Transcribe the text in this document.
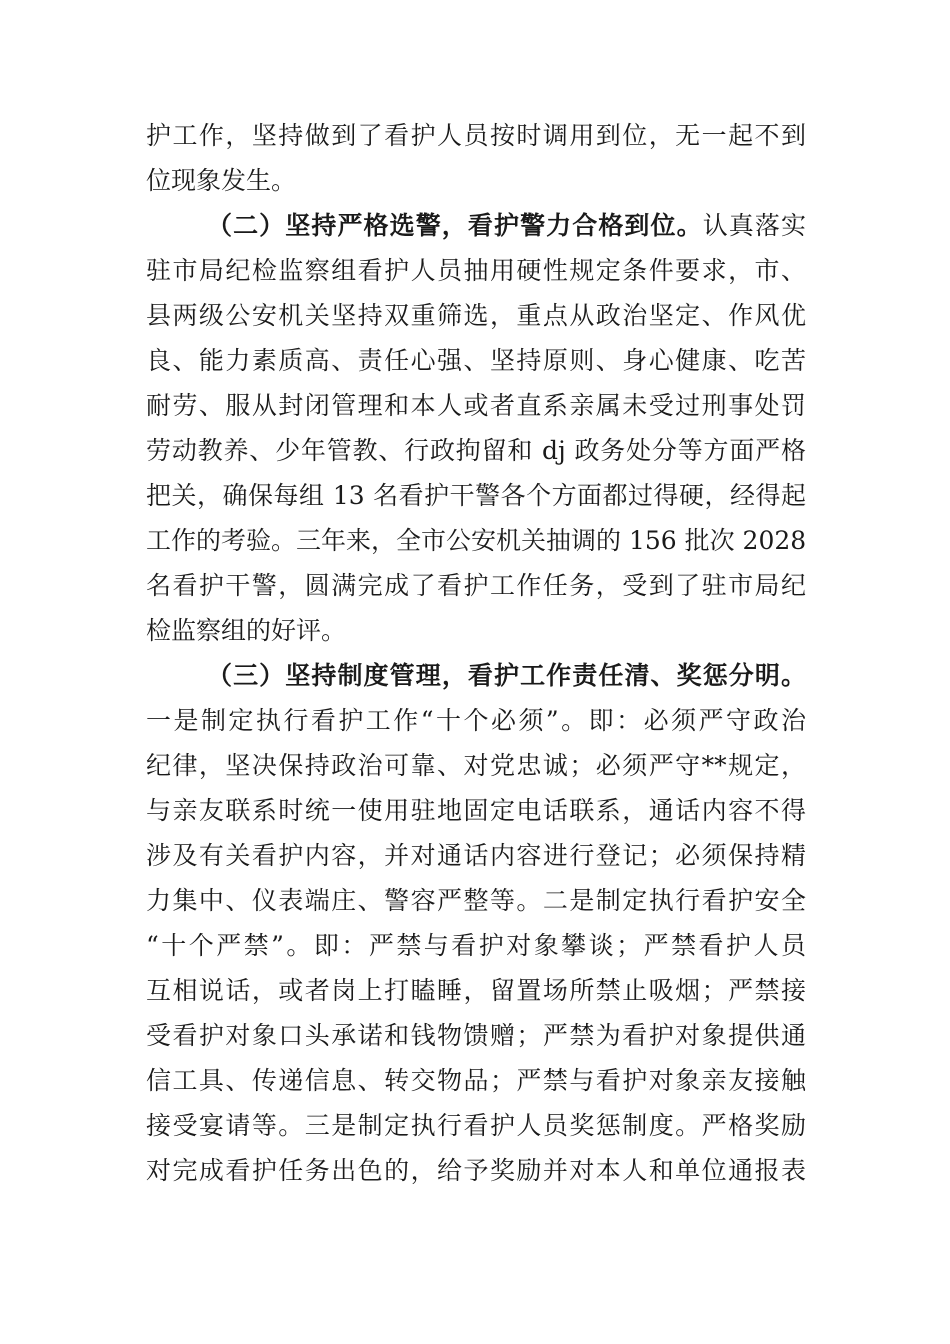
护工作，坚持做到了看护人员按时调用到位，无一起不到
位现象发生。
（二）坚持严格选警，看护警力合格到位。认真落实
驻市局纪检监察组看护人员抽用硬性规定条件要求，市、
县两级公安机关坚持双重筛选，重点从政治坚定、作风优
良、能力素质高、责任心强、坚持原则、身心健康、吃苦
耐劳、服从封闭管理和本人或者直系亲属未受过刑事处罚
劳动教养、少年管教、行政拘留和 dj 政务处分等方面严格
把关，确保每组 13 名看护干警各个方面都过得硬，经得起
工作的考验。三年来，全市公安机关抽调的 156 批次 2028
名看护干警，圆满完成了看护工作任务，受到了驻市局纪
检监察组的好评。
（三）坚持制度管理，看护工作责任清、奖惩分明。
一是制定执行看护工作“十个必须”。即：必须严守政治
纪律，坚决保持政治可靠、对党忠诚；必须严守**规定，
与亲友联系时统一使用驻地固定电话联系，通话内容不得
涉及有关看护内容，并对通话内容进行登记；必须保持精
力集中、仪表端庄、警容严整等。二是制定执行看护安全
“十个严禁”。即：严禁与看护对象攀谈；严禁看护人员
互相说话，或者岗上打瞌睡，留置场所禁止吸烟；严禁接
受看护对象口头承诺和钱物馈赠；严禁为看护对象提供通
信工具、传递信息、转交物品；严禁与看护对象亲友接触
接受宴请等。三是制定执行看护人员奖惩制度。严格奖励
对完成看护任务出色的，给予奖励并对本人和单位通报表
